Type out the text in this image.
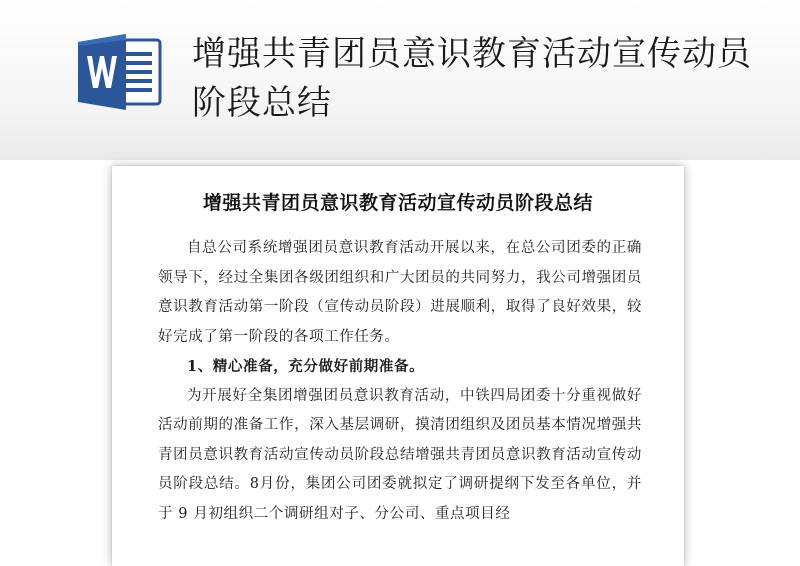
增强共青团员意识教育活动宣传动员阶段总结
增强共青团员意识教育活动宣传动员阶段总结

自总公司系统增强团员意识教育活动开展以来，在总公司团委的正确领导下，经过全集团各级团组织和广大团员的共同努力，我公司增强团员意识教育活动第一阶段（宣传动员阶段）进展顺利，取得了良好效果，较好完成了第一阶段的各项工作任务。

1、精心准备，充分做好前期准备。

为开展好全集团增强团员意识教育活动，中铁四局团委十分重视做好活动前期的准备工作，深入基层调研，摸清团组织及团员基本情况增强共青团员意识教育活动宣传动员阶段总结增强共青团员意识教育活动宣传动员阶段总结。8月份，集团公司团委就拟定了调研提纲下发至各单位，并于 9 月初组织二个调研组对子、分公司、重点项目经
